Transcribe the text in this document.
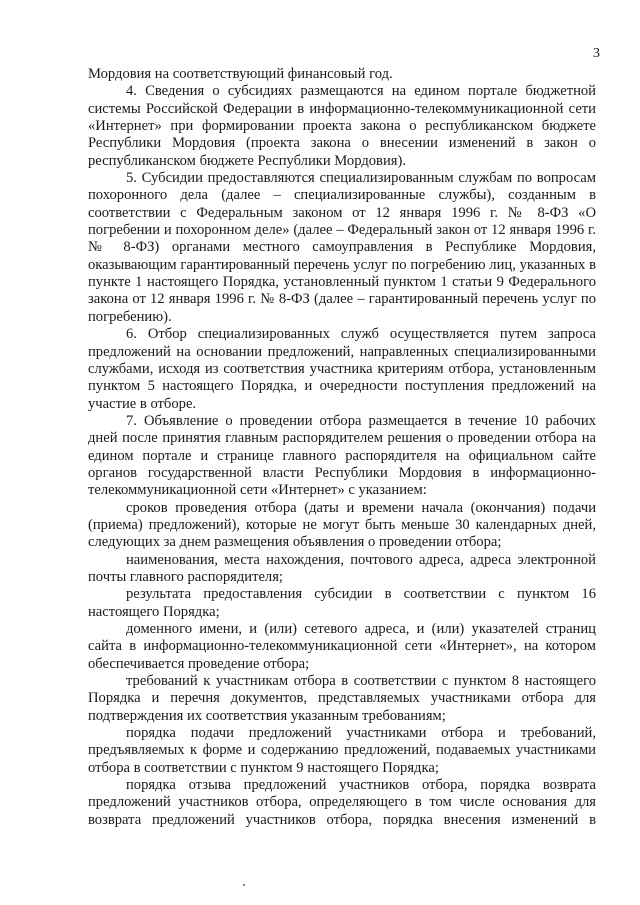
3

Мордовия на соответствующий финансовый год.

4. Сведения о субсидиях размещаются на едином портале бюджетной системы Российской Федерации в информационно-телекоммуникационной сети «Интернет» при формировании проекта закона о республиканском бюджете Республики Мордовия (проекта закона о внесении изменений в закон о республиканском бюджете Республики Мордовия).

5. Субсидии предоставляются специализированным службам по вопросам похоронного дела (далее – специализированные службы), созданным в соответствии с Федеральным законом от 12 января 1996 г. № 8-ФЗ «О погребении и похоронном деле» (далее – Федеральный закон от 12 января 1996 г. № 8-ФЗ) органами местного самоуправления в Республике Мордовия, оказывающим гарантированный перечень услуг по погребению лиц, указанных в пункте 1 настоящего Порядка, установленный пунктом 1 статьи 9 Федерального закона от 12 января 1996 г. № 8-ФЗ (далее – гарантированный перечень услуг по погребению).

6. Отбор специализированных служб осуществляется путем запроса предложений на основании предложений, направленных специализированными службами, исходя из соответствия участника критериям отбора, установленным пунктом 5 настоящего Порядка, и очередности поступления предложений на участие в отборе.

7. Объявление о проведении отбора размещается в течение 10 рабочих дней после принятия главным распорядителем решения о проведении отбора на едином портале и странице главного распорядителя на официальном сайте органов государственной власти Республики Мордовия в информационно-телекоммуникационной сети «Интернет» с указанием:

сроков проведения отбора (даты и времени начала (окончания) подачи (приема) предложений), которые не могут быть меньше 30 календарных дней, следующих за днем размещения объявления о проведении отбора;

наименования, места нахождения, почтового адреса, адреса электронной почты главного распорядителя;

результата предоставления субсидии в соответствии с пунктом 16 настоящего Порядка;

доменного имени, и (или) сетевого адреса, и (или) указателей страниц сайта в информационно-телекоммуникационной сети «Интернет», на котором обеспечивается проведение отбора;

требований к участникам отбора в соответствии с пунктом 8 настоящего Порядка и перечня документов, представляемых участниками отбора для подтверждения их соответствия указанным требованиям;

порядка подачи предложений участниками отбора и требований, предъявляемых к форме и содержанию предложений, подаваемых участниками отбора в соответствии с пунктом 9 настоящего Порядка;

порядка отзыва предложений участников отбора, порядка возврата предложений участников отбора, определяющего в том числе основания для возврата предложений участников отбора, порядка внесения изменений в
